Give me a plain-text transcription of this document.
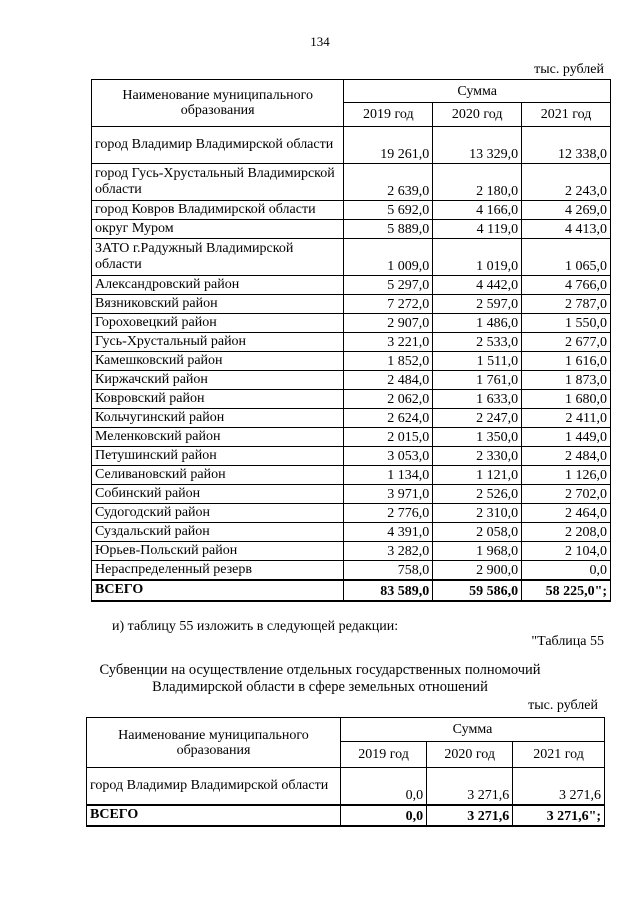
134
тыс. рублей
Наименование муниципального образования	Сумма		
	2019 год	2020 год	2021 год
город Владимир Владимирской области	19 261,0	13 329,0	12 338,0
город Гусь-Хрустальный Владимирской области	2 639,0	2 180,0	2 243,0
город Ковров Владимирской области	5 692,0	4 166,0	4 269,0
округ Муром	5 889,0	4 119,0	4 413,0
ЗАТО г.Радужный Владимирской области	1 009,0	1 019,0	1 065,0
Александровский район	5 297,0	4 442,0	4 766,0
Вязниковский район	7 272,0	2 597,0	2 787,0
Гороховецкий район	2 907,0	1 486,0	1 550,0
Гусь-Хрустальный район	3 221,0	2 533,0	2 677,0
Камешковский район	1 852,0	1 511,0	1 616,0
Киржачский район	2 484,0	1 761,0	1 873,0
Ковровский район	2 062,0	1 633,0	1 680,0
Кольчугинский район	2 624,0	2 247,0	2 411,0
Меленковский район	2 015,0	1 350,0	1 449,0
Петушинский район	3 053,0	2 330,0	2 484,0
Селивановский район	1 134,0	1 121,0	1 126,0
Собинский район	3 971,0	2 526,0	2 702,0
Судогодский район	2 776,0	2 310,0	2 464,0
Суздальский район	4 391,0	2 058,0	2 208,0
Юрьев-Польский район	3 282,0	1 968,0	2 104,0
Нераспределенный резерв	758,0	2 900,0	0,0
ВСЕГО	83 589,0	59 586,0	58 225,0";
и) таблицу 55 изложить в следующей редакции:
"Таблица 55
Субвенции на осуществление отдельных государственных полномочий
Владимирской области в сфере земельных отношений
тыс. рублей
Наименование муниципального образования	Сумма		
	2019 год	2020 год	2021 год
город Владимир Владимирской области	0,0	3 271,6	3 271,6
ВСЕГО	0,0	3 271,6	3 271,6";
